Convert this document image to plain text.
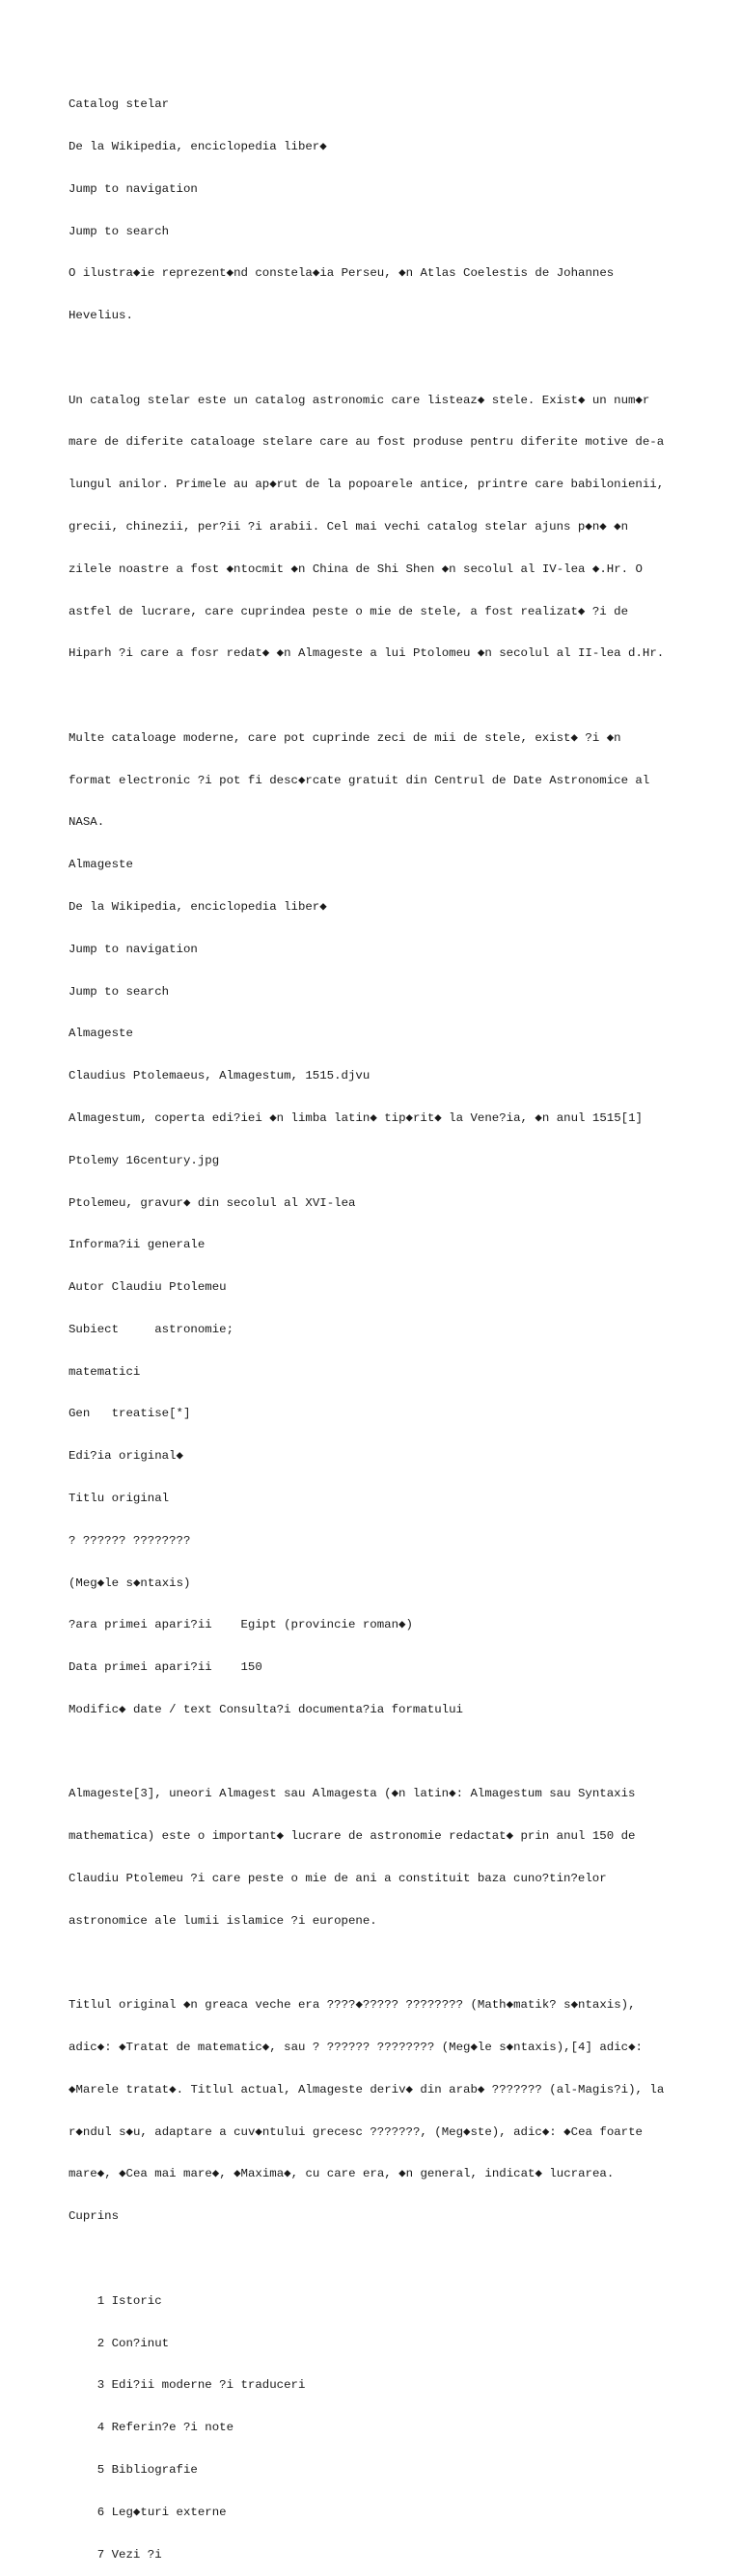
Catalog stelar

De la Wikipedia, enciclopedia liber◆

Jump to navigation

Jump to search

O ilustra◆ie reprezent◆nd constela◆ia Perseu, ◆n Atlas Coelestis de Johannes

Hevelius.

Un catalog stelar este un catalog astronomic care listeaz◆ stele. Exist◆ un num◆r

mare de diferite cataloage stelare care au fost produse pentru diferite motive de-a

lungul anilor. Primele au ap◆rut de la popoarele antice, printre care babilonienii,

grecii, chinezii, per?ii ?i arabii. Cel mai vechi catalog stelar ajuns p◆n◆ ◆n

zilele noastre a fost ◆ntocmit ◆n China de Shi Shen ◆n secolul al IV-lea ◆.Hr. O

astfel de lucrare, care cuprindea peste o mie de stele, a fost realizat◆ ?i de

Hiparh ?i care a fosr redat◆ ◆n Almageste a lui Ptolomeu ◆n secolul al II-lea d.Hr.

Multe cataloage moderne, care pot cuprinde zeci de mii de stele, exist◆ ?i ◆n

format electronic ?i pot fi desc◆rcate gratuit din Centrul de Date Astronomice al

NASA.

Almageste

De la Wikipedia, enciclopedia liber◆

Jump to navigation

Jump to search

Almageste

Claudius Ptolemaeus, Almagestum, 1515.djvu

Almagestum, coperta edi?iei ◆n limba latin◆ tip◆rit◆ la Vene?ia, ◆n anul 1515[1]

Ptolemy 16century.jpg

Ptolemeu, gravur◆ din secolul al XVI-lea

Informa?ii generale

Autor Claudiu Ptolemeu

Subiect     astronomie;

matematici

Gen   treatise[*]

Edi?ia original◆

Titlu original

? ?????? ????????

(Meg◆le s◆ntaxis)

?ara primei apari?ii    Egipt (provincie roman◆)

Data primei apari?ii    150

Modific◆ date / text Consulta?i documenta?ia formatului

Almageste[3], uneori Almagest sau Almagesta (◆n latin◆: Almagestum sau Syntaxis

mathematica) este o important◆ lucrare de astronomie redactat◆ prin anul 150 de

Claudiu Ptolemeu ?i care peste o mie de ani a constituit baza cuno?tin?elor

astronomice ale lumii islamice ?i europene.

Titlul original ◆n greaca veche era ????◆????? ???????? (Math◆matik? s◆ntaxis),

adic◆: ◆Tratat de matematic◆, sau ? ?????? ???????? (Meg◆le s◆ntaxis),[4] adic◆:

◆Marele tratat◆. Titlul actual, Almageste deriv◆ din arab◆ ??????? (al-Magis?i), la

r◆ndul s◆u, adaptare a cuv◆ntului grecesc ???????, (Meg◆ste), adic◆: ◆Cea foarte

mare◆, ◆Cea mai mare◆, ◆Maxima◆, cu care era, ◆n general, indicat◆ lucrarea.

Cuprins

1 Istoric

2 Con?inut

3 Edi?ii moderne ?i traduceri

4 Referin?e ?i note

5 Bibliografie

6 Leg◆turi externe

7 Vezi ?i
